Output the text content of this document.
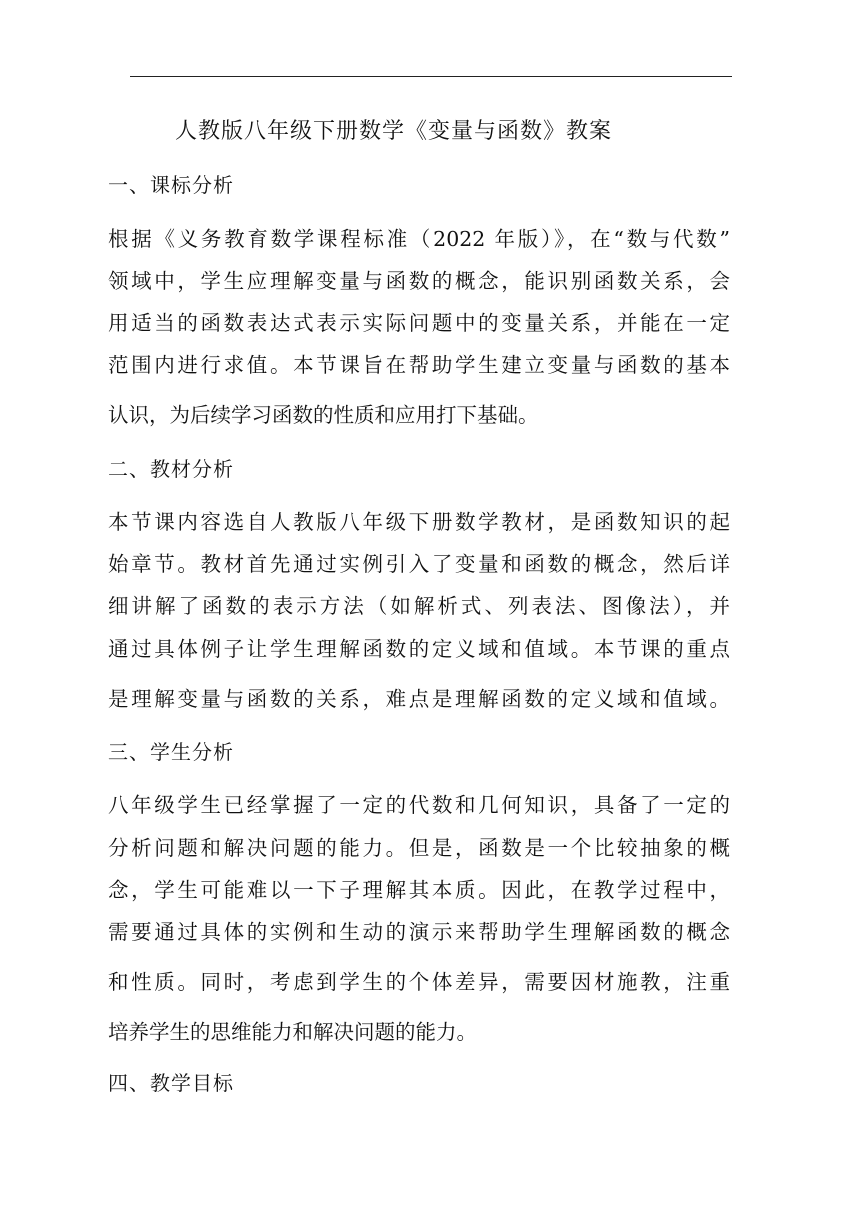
人教版八年级下册数学《变量与函数》教案
一、课标分析
根据《义务教育数学课程标准（2022 年版）》，在“数与代数”
领域中，学生应理解变量与函数的概念，能识别函数关系，会
用适当的函数表达式表示实际问题中的变量关系，并能在一定
范围内进行求值。本节课旨在帮助学生建立变量与函数的基本
认识，为后续学习函数的性质和应用打下基础。
二、教材分析
本节课内容选自人教版八年级下册数学教材，是函数知识的起
始章节。教材首先通过实例引入了变量和函数的概念，然后详
细讲解了函数的表示方法（如解析式、列表法、图像法），并
通过具体例子让学生理解函数的定义域和值域。本节课的重点
是理解变量与函数的关系，难点是理解函数的定义域和值域。
三、学生分析
八年级学生已经掌握了一定的代数和几何知识，具备了一定的
分析问题和解决问题的能力。但是，函数是一个比较抽象的概
念，学生可能难以一下子理解其本质。因此，在教学过程中，
需要通过具体的实例和生动的演示来帮助学生理解函数的概念
和性质。同时，考虑到学生的个体差异，需要因材施教，注重
培养学生的思维能力和解决问题的能力。
四、教学目标
